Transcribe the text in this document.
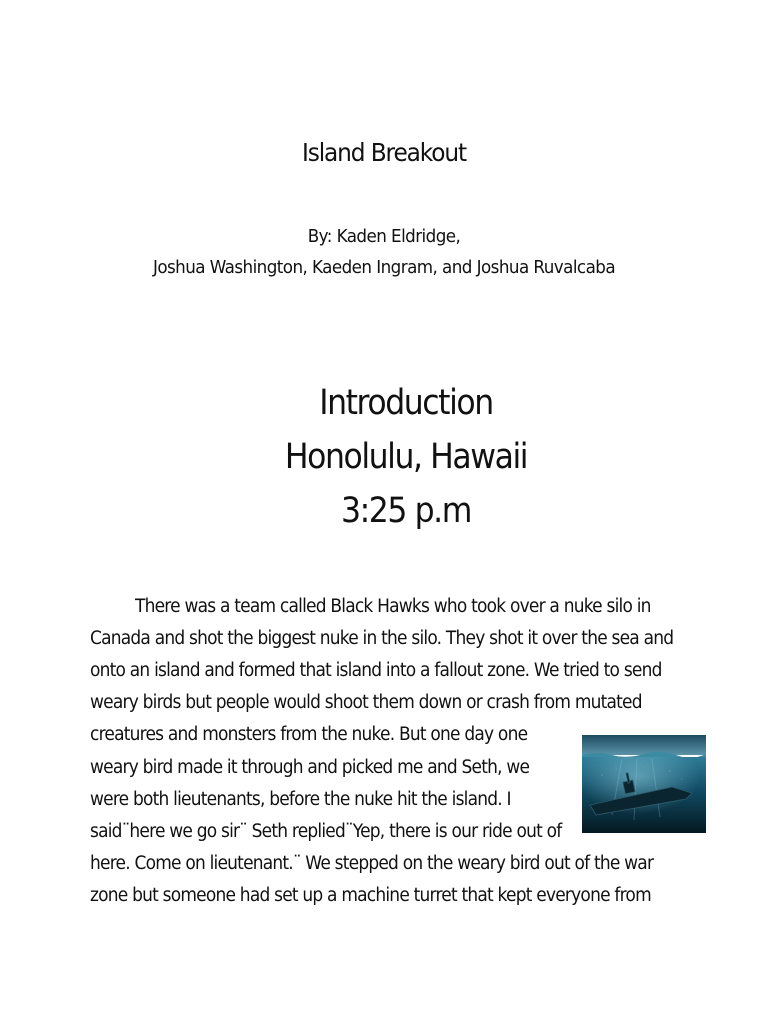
Island Breakout
By: Kaden Eldridge,
Joshua Washington, Kaeden Ingram, and Joshua Ruvalcaba
Introduction
Honolulu, Hawaii
3:25 p.m
There was a team called Black Hawks who took over a nuke silo in
Canada and shot the biggest nuke in the silo. They shot it over the sea and
onto an island and formed that island into a fallout zone. We tried to send
weary birds but people would shoot them down or crash from mutated
creatures and monsters from the nuke. But one day one
weary bird made it through and picked me and Seth, we
were both lieutenants, before the nuke hit the island. I
said¨here we go sir¨ Seth replied¨Yep, there is our ride out of
here. Come on lieutenant.¨ We stepped on the weary bird out of the war
zone but someone had set up a machine turret that kept everyone from
